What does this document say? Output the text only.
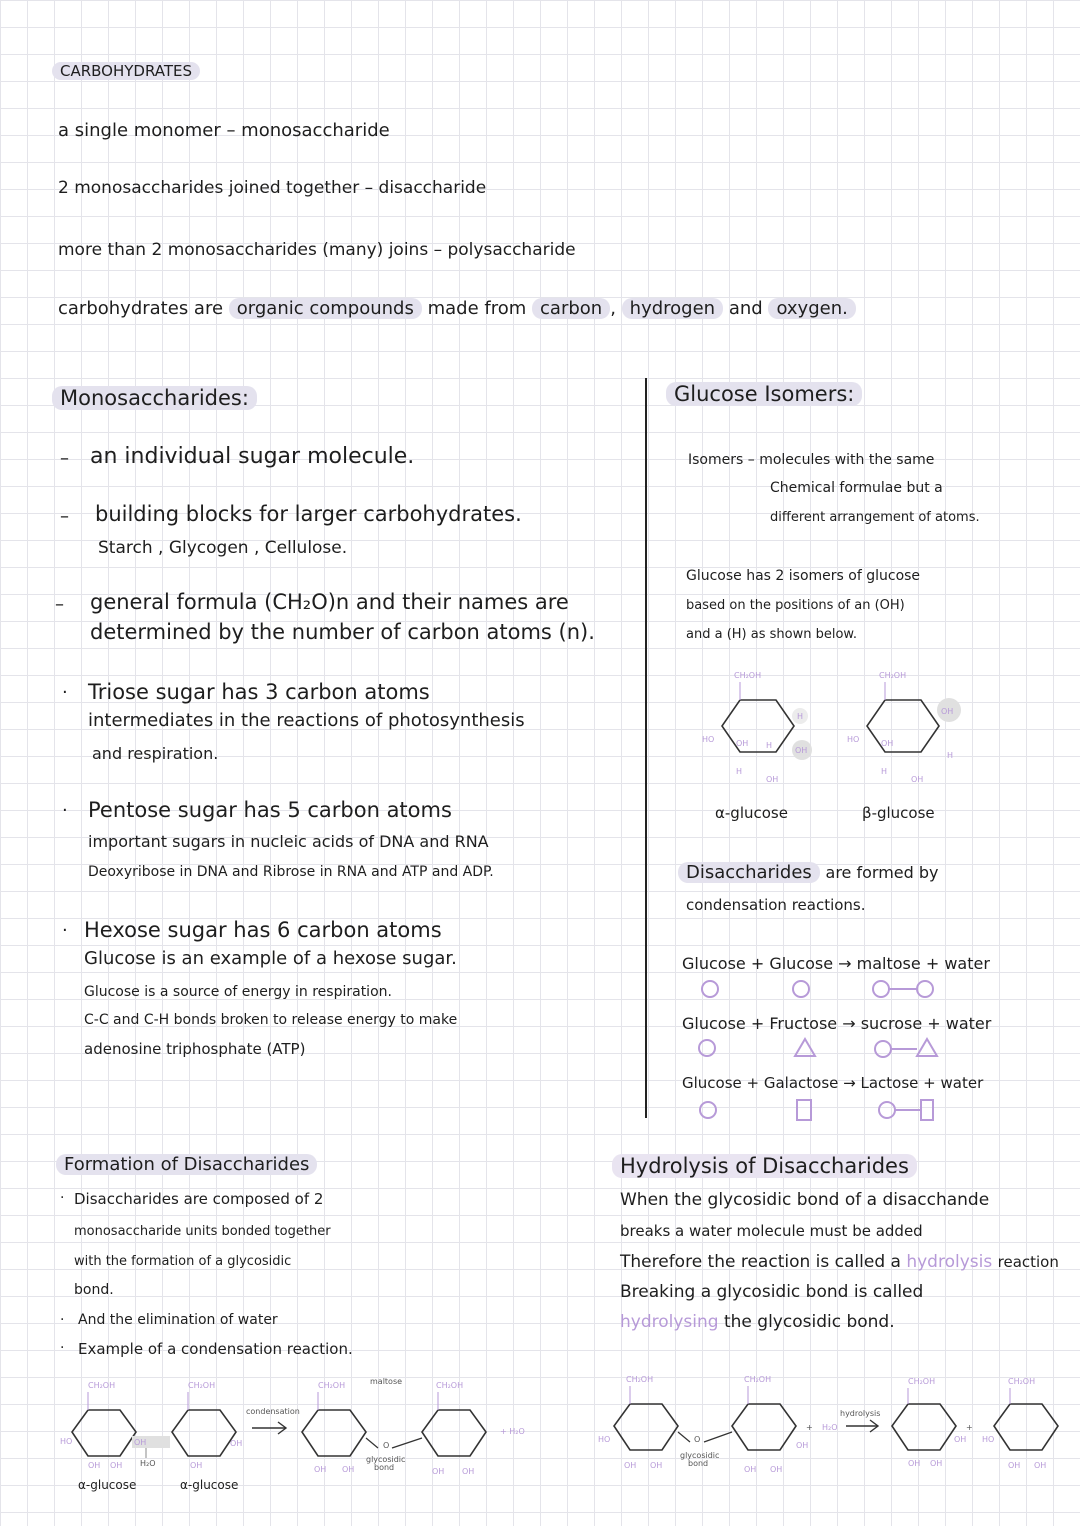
CARBOHYDRATES
a single monomer – monosaccharide
2 monosaccharides joined together – disaccharide
more than 2 monosaccharides (many) joins – polysaccharide
carbohydrates are organic compounds made from carbon , hydrogen and oxygen.
Monosaccharides:
– an individual sugar molecule.
– building blocks for larger carbohydrates.
Starch , Glycogen , Cellulose.
– general formula (CH₂O)n and their names are
determined by the number of carbon atoms (n).
· Triose sugar has 3 carbon atoms
intermediates in the reactions of photosynthesis
and respiration.
· Pentose sugar has 5 carbon atoms
important sugars in nucleic acids of DNA and RNA
Deoxyribose in DNA and Ribrose in RNA and ATP and ADP.
· Hexose sugar has 6 carbon atoms
Glucose is an example of a hexose sugar.
Glucose is a source of energy in respiration.
C-C and C-H bonds broken to release energy to make
adenosine triphosphate (ATP)
Glucose Isomers:
Isomers – molecules with the same
Chemical formulae but a
different arrangement of atoms.
Glucose has 2 isomers of glucose
based on the positions of an (OH)
and a (H) as shown below.
CH₂OH
HO	OH H
OH
H
H
OH
α-glucose
CH₂OH
HO	OH
OH
H
H
OH
β-glucose
Disaccharides are formed by
condensation reactions.
Glucose + Glucose → maltose + water
Glucose + Fructose → sucrose + water
Glucose + Galactose → Lactose + water
Formation of Disaccharides
· Disaccharides are composed of 2
monosaccharide units bonded together
with the formation of a glycosidic
bond.
· And the elimination of water
· Example of a condensation reaction.
CH₂OH
HO
OH OH
OH
H₂O
CH₂OH
OH
OH
condensation
maltose
CH₂OH
O
glycosidic
bond
CH₂OH
OH OH	OH OH
+ H₂O
α-glucose	α-glucose
Hydrolysis of Disaccharides
When the glycosidic bond of a disacchande
breaks a water molecule must be added
Therefore the reaction is called a hydrolysis reaction
Breaking a glycosidic bond is called
hydrolysing the glycosidic bond.
CH₂OH
HO	O
glycosidic
bond
CH₂OH
OH OH	OH OH
OH
+ H₂O
hydrolysis
CH₂OH
OH OH
OH
+
CH₂OH
HO
OH OH
